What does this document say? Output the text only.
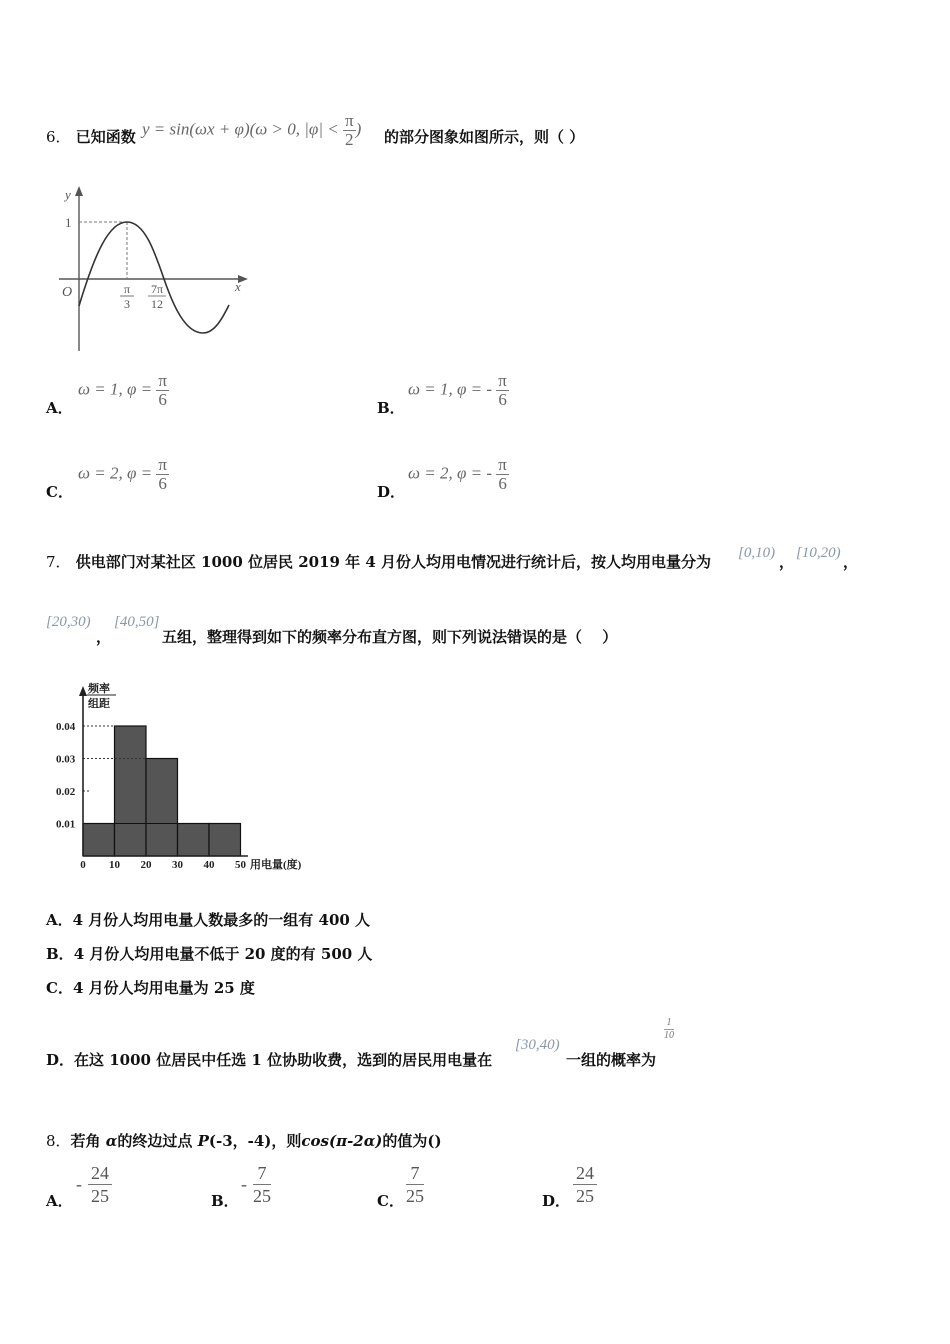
6． 已知函数 y = sin(ωx + φ)(ω > 0, $|\varphi| < \frac{\pi}{2}$ ) 的部分图象如图所示，则（ ）
y
x
O
1
π
3
7π
12
A．
ω = 1, $\varphi = \frac{\pi}{6}$	B．
ω = 1, φ = - $\frac{\pi}{6}$
C．
ω = 2, $\varphi = \frac{\pi}{6}$	D．
ω = 2, φ = - $\frac{\pi}{6}$
7． 供电部门对某社区 1000 位居民 2019 年 4 月份人均用电情况进行统计后，按人均用电量分为 [0,10) ， [10,20) ，
[20,30)
，
[40,50]
五组，整理得到如下的频率分布直方图，则下列说法错误的是（　 ）
频率
组距
0.04
0.03
0.02
0.01
0 10 20 30 40 50 用电量(度)
A．4 月份人均用电量人数最多的一组有 400 人
B．4 月份人均用电量不低于 20 度的有 500 人
C．4 月份人均用电量为 25 度
D．在这 1000 位居民中任选 1 位协助收费，选到的居民用电量在
[30,40)
一组的概率为
$\frac{1}{10}$
8．若角 α的终边过点 P(-3，-4)，则cos(π-2α)的值为()
A．
- $\frac{24}{25}$	B．
- $\frac{7}{25}$	C． $\frac{7}{25}$	D． $\frac{24}{25}$
